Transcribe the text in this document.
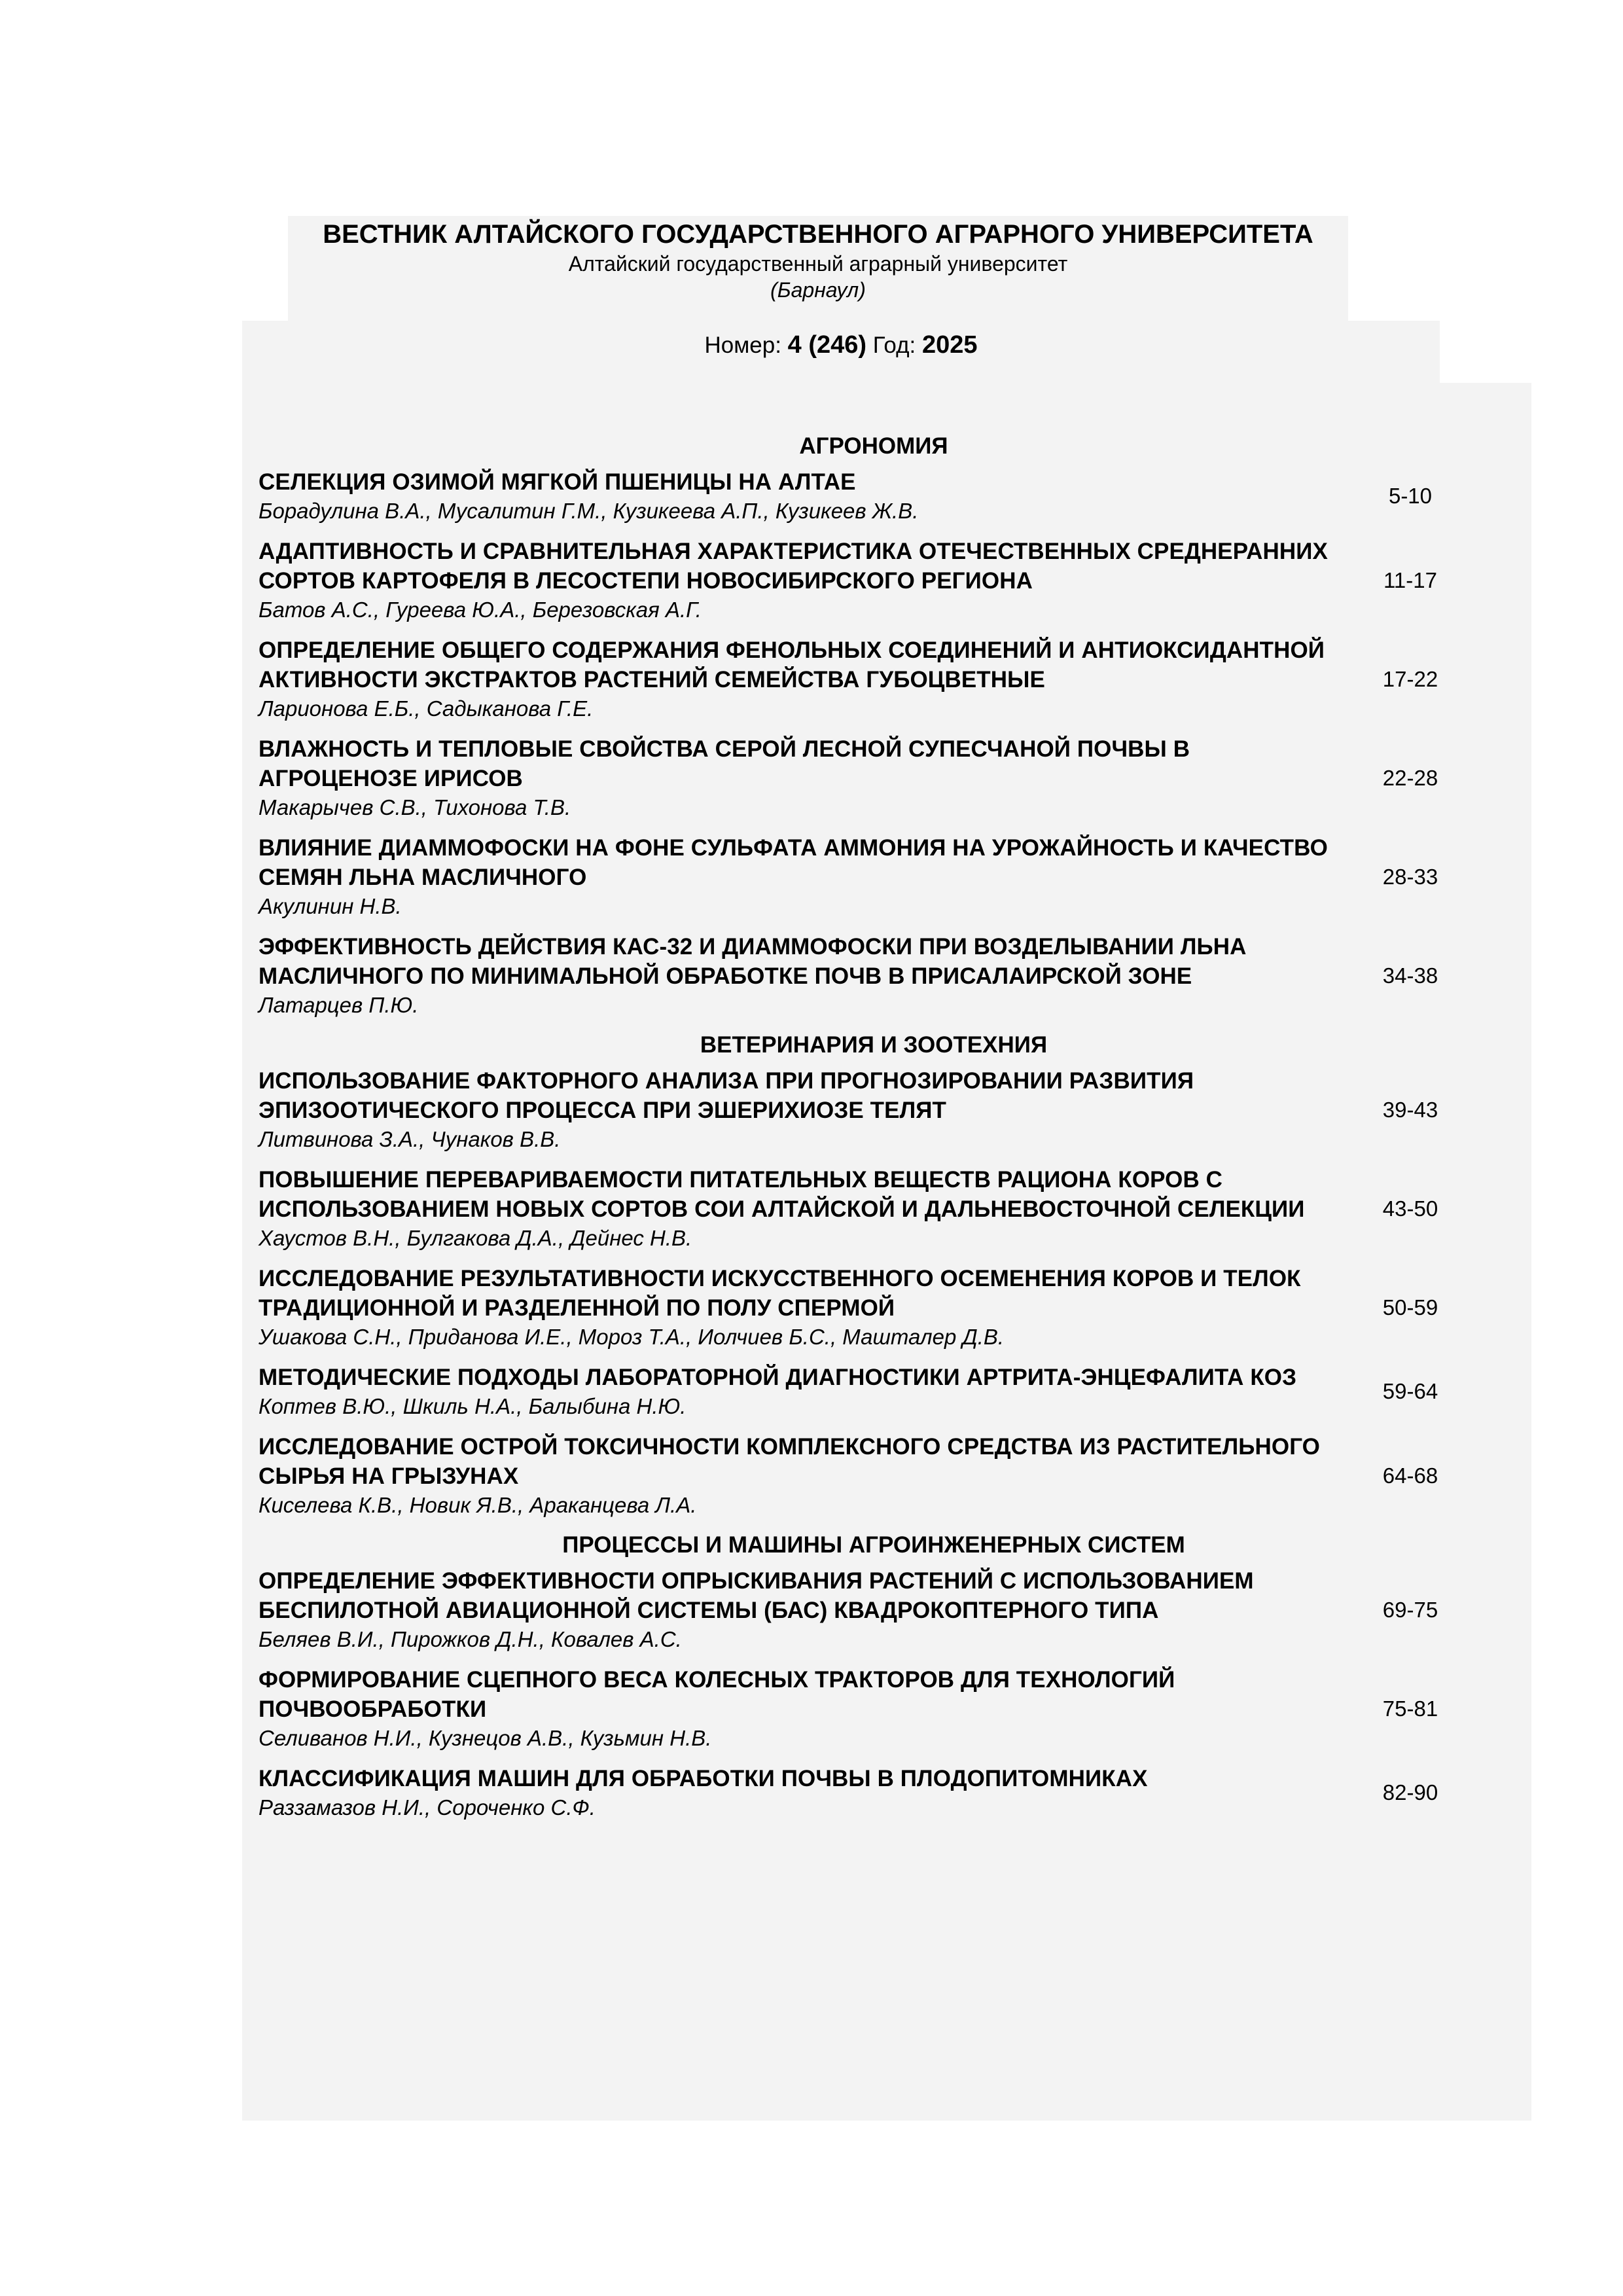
ВЕСТНИК АЛТАЙСКОГО ГОСУДАРСТВЕННОГО АГРАРНОГО УНИВЕРСИТЕТА
Алтайский государственный аграрный университет
(Барнаул)
Номер: 4 (246) Год: 2025
АГРОНОМИЯ
СЕЛЕКЦИЯ ОЗИМОЙ МЯГКОЙ ПШЕНИЦЫ НА АЛТАЕ
Борадулина В.А., Мусалитин Г.М., Кузикеева А.П., Кузикеев Ж.В.
5-10
АДАПТИВНОСТЬ И СРАВНИТЕЛЬНАЯ ХАРАКТЕРИСТИКА ОТЕЧЕСТВЕННЫХ СРЕДНЕРАННИХ СОРТОВ КАРТОФЕЛЯ В ЛЕСОСТЕПИ НОВОСИБИРСКОГО РЕГИОНА
Батов А.С., Гуреева Ю.А., Березовская А.Г.
11-17
ОПРЕДЕЛЕНИЕ ОБЩЕГО СОДЕРЖАНИЯ ФЕНОЛЬНЫХ СОЕДИНЕНИЙ И АНТИОКСИДАНТНОЙ АКТИВНОСТИ ЭКСТРАКТОВ РАСТЕНИЙ СЕМЕЙСТВА ГУБОЦВЕТНЫЕ
Ларионова Е.Б., Садыканова Г.Е.
17-22
ВЛАЖНОСТЬ И ТЕПЛОВЫЕ СВОЙСТВА СЕРОЙ ЛЕСНОЙ СУПЕСЧАНОЙ ПОЧВЫ В АГРОЦЕНОЗЕ ИРИСОВ
Макарычев С.В., Тихонова Т.В.
22-28
ВЛИЯНИЕ ДИАММОФОСКИ НА ФОНЕ СУЛЬФАТА АММОНИЯ НА УРОЖАЙНОСТЬ И КАЧЕСТВО СЕМЯН ЛЬНА МАСЛИЧНОГО
Акулинин Н.В.
28-33
ЭФФЕКТИВНОСТЬ ДЕЙСТВИЯ КАС-32 И ДИАММОФОСКИ ПРИ ВОЗДЕЛЫВАНИИ ЛЬНА МАСЛИЧНОГО ПО МИНИМАЛЬНОЙ ОБРАБОТКЕ ПОЧВ В ПРИСАЛАИРСКОЙ ЗОНЕ
Латарцев П.Ю.
34-38
ВЕТЕРИНАРИЯ И ЗООТЕХНИЯ
ИСПОЛЬЗОВАНИЕ ФАКТОРНОГО АНАЛИЗА ПРИ ПРОГНОЗИРОВАНИИ РАЗВИТИЯ ЭПИЗООТИЧЕСКОГО ПРОЦЕССА ПРИ ЭШЕРИХИОЗЕ ТЕЛЯТ
Литвинова З.А., Чунаков В.В.
39-43
ПОВЫШЕНИЕ ПЕРЕВАРИВАЕМОСТИ ПИТАТЕЛЬНЫХ ВЕЩЕСТВ РАЦИОНА КОРОВ С ИСПОЛЬЗОВАНИЕМ НОВЫХ СОРТОВ СОИ АЛТАЙСКОЙ И ДАЛЬНЕВОСТОЧНОЙ СЕЛЕКЦИИ
Хаустов В.Н., Булгакова Д.А., Дейнес Н.В.
43-50
ИССЛЕДОВАНИЕ РЕЗУЛЬТАТИВНОСТИ ИСКУССТВЕННОГО ОСЕМЕНЕНИЯ КОРОВ И ТЕЛОК ТРАДИЦИОННОЙ И РАЗДЕЛЕННОЙ ПО ПОЛУ СПЕРМОЙ
Ушакова С.Н., Приданова И.Е., Мороз Т.А., Иолчиев Б.С., Машталер Д.В.
50-59
МЕТОДИЧЕСКИЕ ПОДХОДЫ ЛАБОРАТОРНОЙ ДИАГНОСТИКИ АРТРИТА-ЭНЦЕФАЛИТА КОЗ
Коптев В.Ю., Шкиль Н.А., Балыбина Н.Ю.
59-64
ИССЛЕДОВАНИЕ ОСТРОЙ ТОКСИЧНОСТИ КОМПЛЕКСНОГО СРЕДСТВА ИЗ РАСТИТЕЛЬНОГО СЫРЬЯ НА ГРЫЗУНАХ
Киселева К.В., Новик Я.В., Араканцева Л.А.
64-68
ПРОЦЕССЫ И МАШИНЫ АГРОИНЖЕНЕРНЫХ СИСТЕМ
ОПРЕДЕЛЕНИЕ ЭФФЕКТИВНОСТИ ОПРЫСКИВАНИЯ РАСТЕНИЙ С ИСПОЛЬЗОВАНИЕМ БЕСПИЛОТНОЙ АВИАЦИОННОЙ СИСТЕМЫ (БАС) КВАДРОКОПТЕРНОГО ТИПА
Беляев В.И., Пирожков Д.Н., Ковалев А.С.
69-75
ФОРМИРОВАНИЕ СЦЕПНОГО ВЕСА КОЛЕСНЫХ ТРАКТОРОВ ДЛЯ ТЕХНОЛОГИЙ ПОЧВООБРАБОТКИ
Селиванов Н.И., Кузнецов А.В., Кузьмин Н.В.
75-81
КЛАССИФИКАЦИЯ МАШИН ДЛЯ ОБРАБОТКИ ПОЧВЫ В ПЛОДОПИТОМНИКАХ
Раззамазов Н.И., Сороченко С.Ф.
82-90
